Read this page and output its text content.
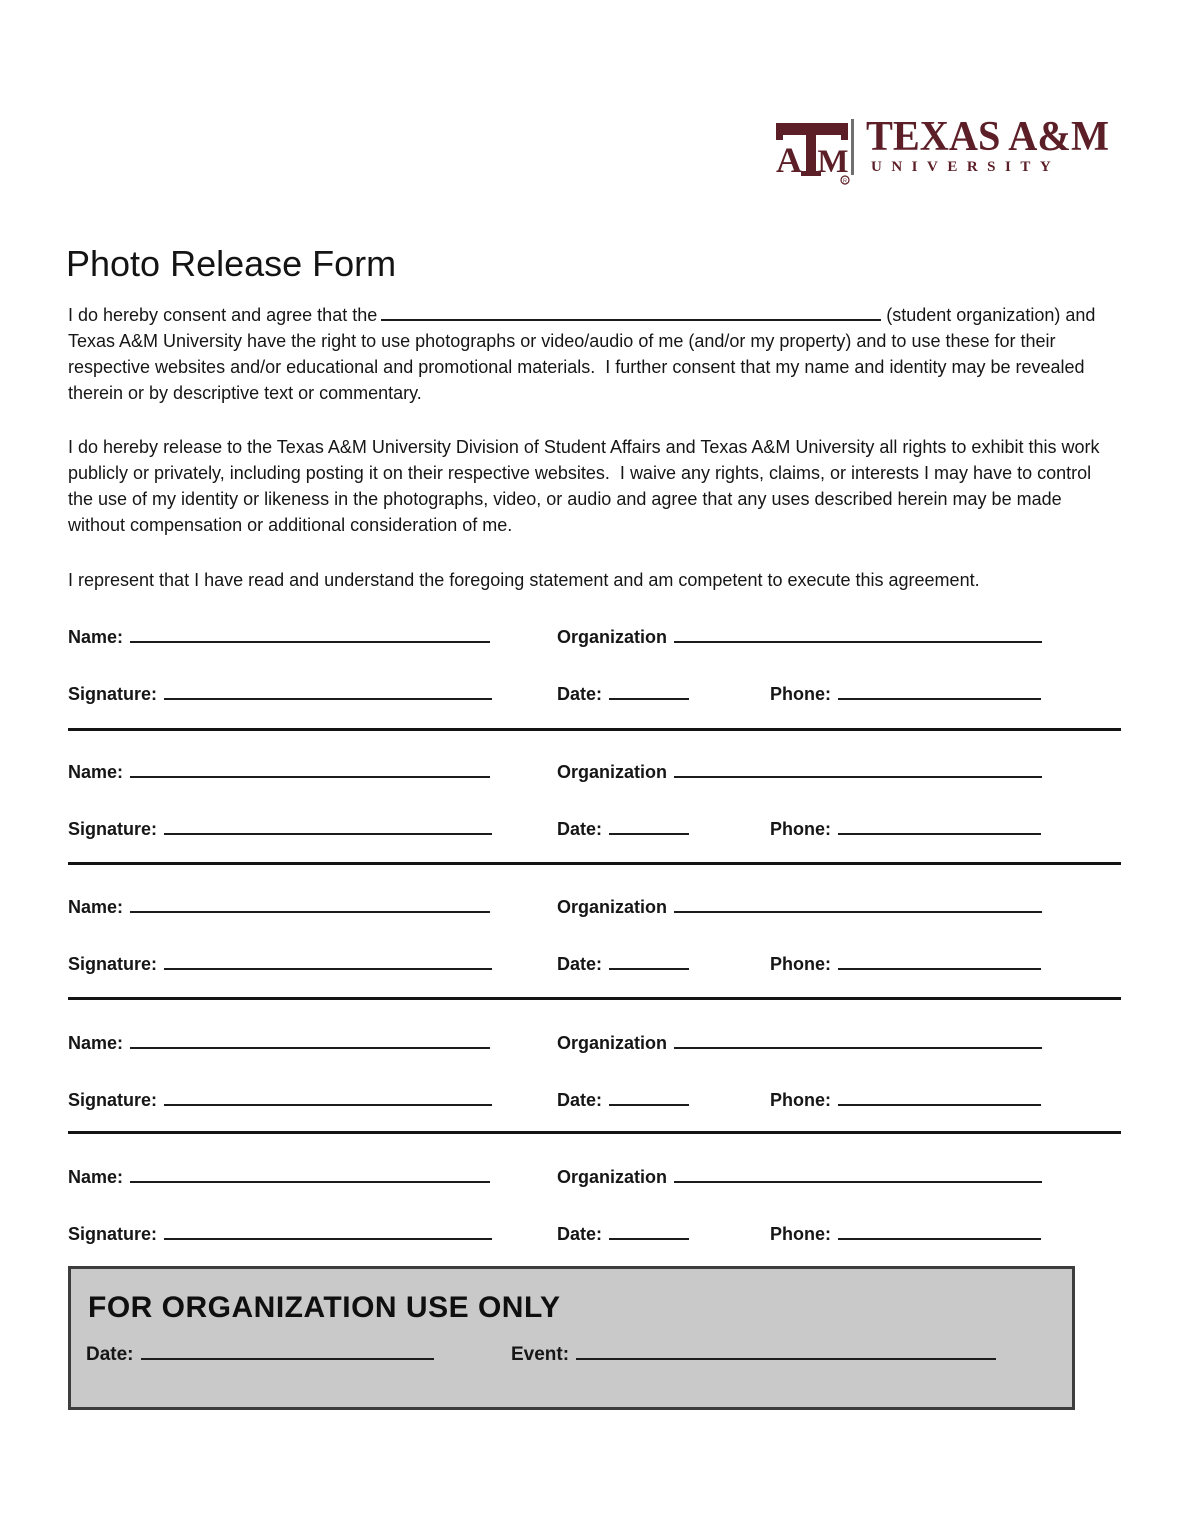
A M
R
TEXAS A&M
UNIVERSITY
Photo Release Form

I do hereby consent and agree that the	(student organization) and Texas A&M University have the right to use photographs or video/audio of me (and/or my property) and to use these for their respective websites and/or educational and promotional materials.  I further consent that my name and identity may be revealed therein or by descriptive text or commentary.

I do hereby release to the Texas A&M University Division of Student Affairs and Texas A&M University all rights to exhibit this work publicly or privately, including posting it on their respective websites.  I waive any rights, claims, or interests I may have to control the use of my identity or likeness in the photographs, video, or audio and agree that any uses described herein may be made without compensation or additional consideration of me.

I represent that I have read and understand the foregoing statement and am competent to execute this agreement.

Name:	Organization
Signature:	Date:	Phone:
Name:	Organization
Signature:	Date:	Phone:
Name:	Organization
Signature:	Date:	Phone:
Name:	Organization
Signature:	Date:	Phone:
Name:	Organization
Signature:	Date:	Phone:
FOR ORGANIZATION USE ONLY
Date:	Event:
